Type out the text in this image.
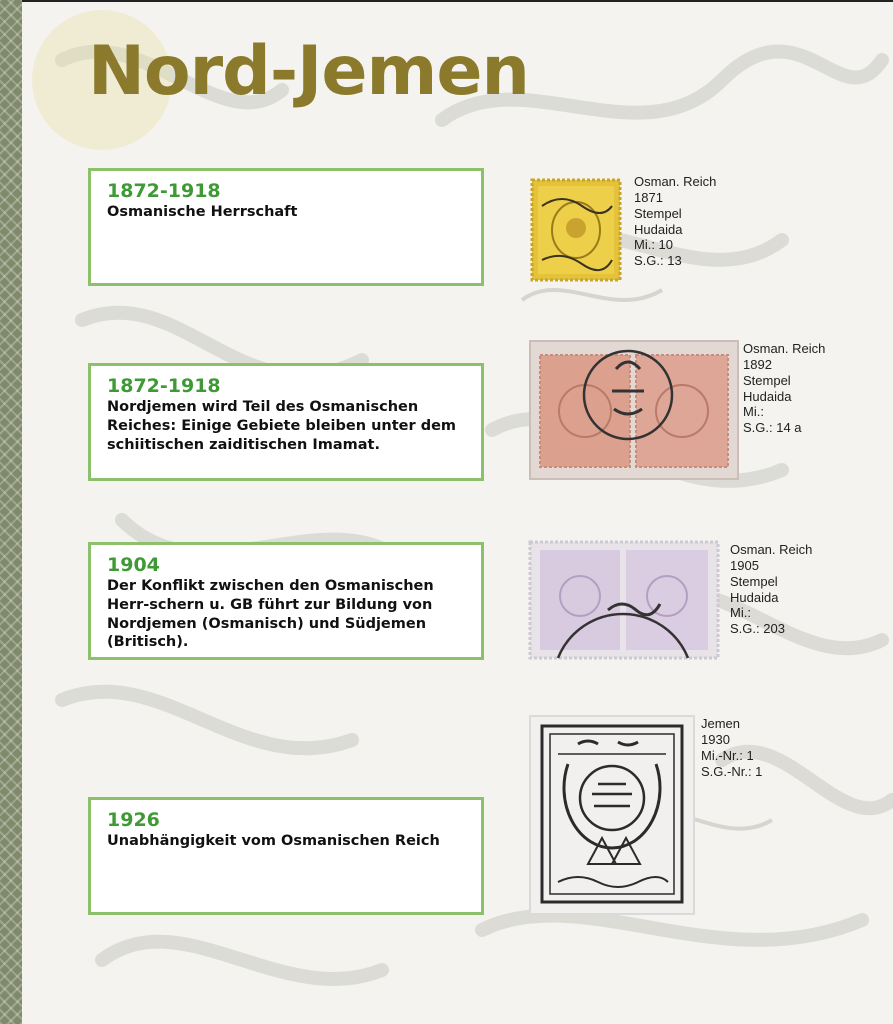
Nord-Jemen
1872-1918
Osmanische Herrschaft
1872-1918
Nordjemen wird Teil des Osmanischen Reiches: Einige Gebiete bleiben unter dem schiitischen zaiditischen Imamat.
1904
Der Konflikt zwischen den Osmanischen Herr-schern u. GB führt zur Bildung von Nordjemen (Osmanisch) und Südjemen (Britisch).
1926
Unabhängigkeit vom Osmanischen Reich
Osman. Reich
1871
Stempel
Hudaida
Mi.: 10
S.G.: 13
Osman. Reich
1892
Stempel
Hudaida
Mi.:
S.G.: 14 a
Osman. Reich
1905
Stempel
Hudaida
Mi.:
S.G.: 203
Jemen
1930
Mi.-Nr.: 1
S.G.-Nr.: 1
